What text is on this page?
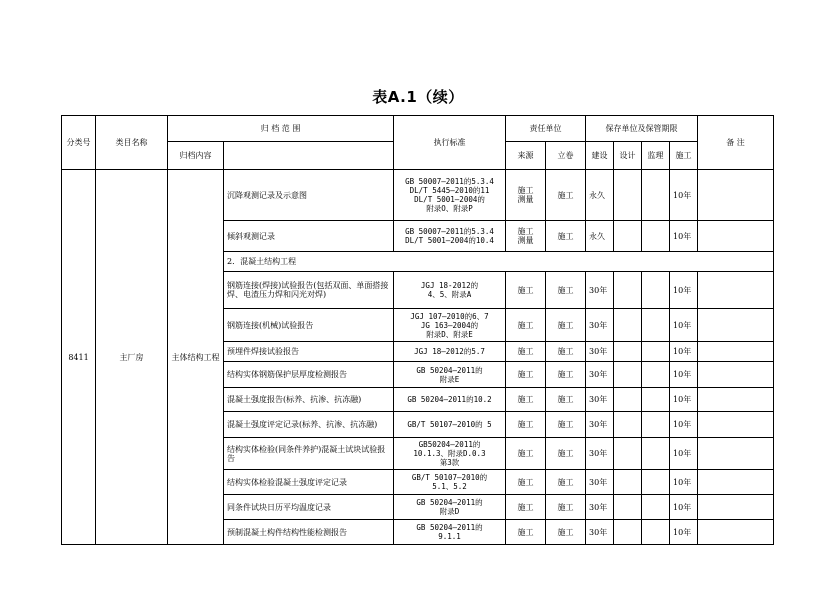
表A.1（续）
分类号	类目名称	归 档 范 围		执行标准	责任单位		保存单位及保管期限				备 注
		归档内容			来源	立卷	建设	设计	监理	施工	
8411	主厂房	主体结构工程	沉降观测记录及示意图	GB 50007—2011的5.3.4
DL/T 5445—2010的11
DL/T 5001—2004的
附录O、附录P	施工
测量	施工	永久			10年	
			倾斜观测记录	GB 50007—2011的5.3.4
DL/T 5001—2004的10.4	施工
测量	施工	永久			10年	
			2．混凝土结构工程								
			钢筋连接(焊接)试验报告(包括双面、单面搭接焊、电渣压力焊和闪光对焊)	JGJ 18-2012的
4、5、附录A	施工	施工	30年			10年	
			钢筋连接(机械)试验报告	JGJ 107—2010的6、7
JG 163—2004的
附录D、附录E	施工	施工	30年			10年	
			预埋件焊接试验报告	JGJ 18—2012的5.7	施工	施工	30年			10年	
			结构实体钢筋保护层厚度检测报告	GB 50204—2011的
附录E	施工	施工	30年			10年	
			混凝土强度报告(标养、抗渗、抗冻融)	GB 50204—2011的10.2	施工	施工	30年			10年	
			混凝土强度评定记录(标养、抗渗、抗冻融)	GB/T 50107—2010的 5	施工	施工	30年			10年	
			结构实体检验(同条件养护)混凝土试块试验报告	GB50204—2011的
10.1.3、附录D.0.3
第3款	施工	施工	30年			10年	
			结构实体检验混凝土强度评定记录	GB/T 50107—2010的
5.1、5.2	施工	施工	30年			10年	
			同条件试块日历平均温度记录	GB 50204—2011的
附录D	施工	施工	30年			10年	
			预制混凝土构件结构性能检测报告	GB 50204—2011的
9.1.1	施工	施工	30年			10年	
